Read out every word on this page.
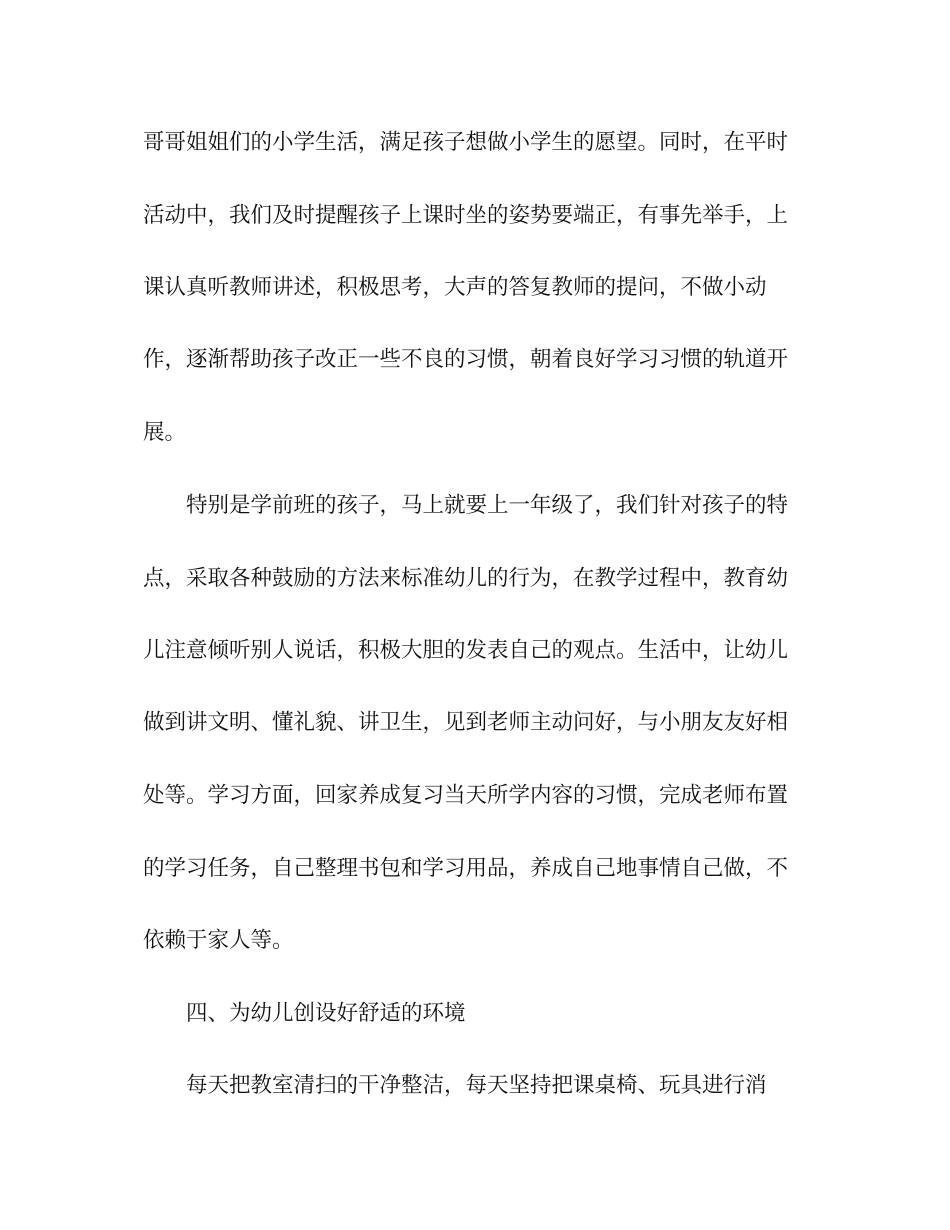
哥哥姐姐们的小学生活，满足孩子想做小学生的愿望。同时，在平时
活动中，我们及时提醒孩子上课时坐的姿势要端正，有事先举手，上
课认真听教师讲述，积极思考，大声的答复教师的提问，不做小动
作，逐渐帮助孩子改正一些不良的习惯，朝着良好学习习惯的轨道开
展。
特别是学前班的孩子，马上就要上一年级了，我们针对孩子的特
点，采取各种鼓励的方法来标准幼儿的行为，在教学过程中，教育幼
儿注意倾听别人说话，积极大胆的发表自己的观点。生活中，让幼儿
做到讲文明、懂礼貌、讲卫生，见到老师主动问好，与小朋友友好相
处等。学习方面，回家养成复习当天所学内容的习惯，完成老师布置
的学习任务，自己整理书包和学习用品，养成自己地事情自己做，不
依赖于家人等。
四、为幼儿创设好舒适的环境
每天把教室清扫的干净整洁，每天坚持把课桌椅、玩具进行消
